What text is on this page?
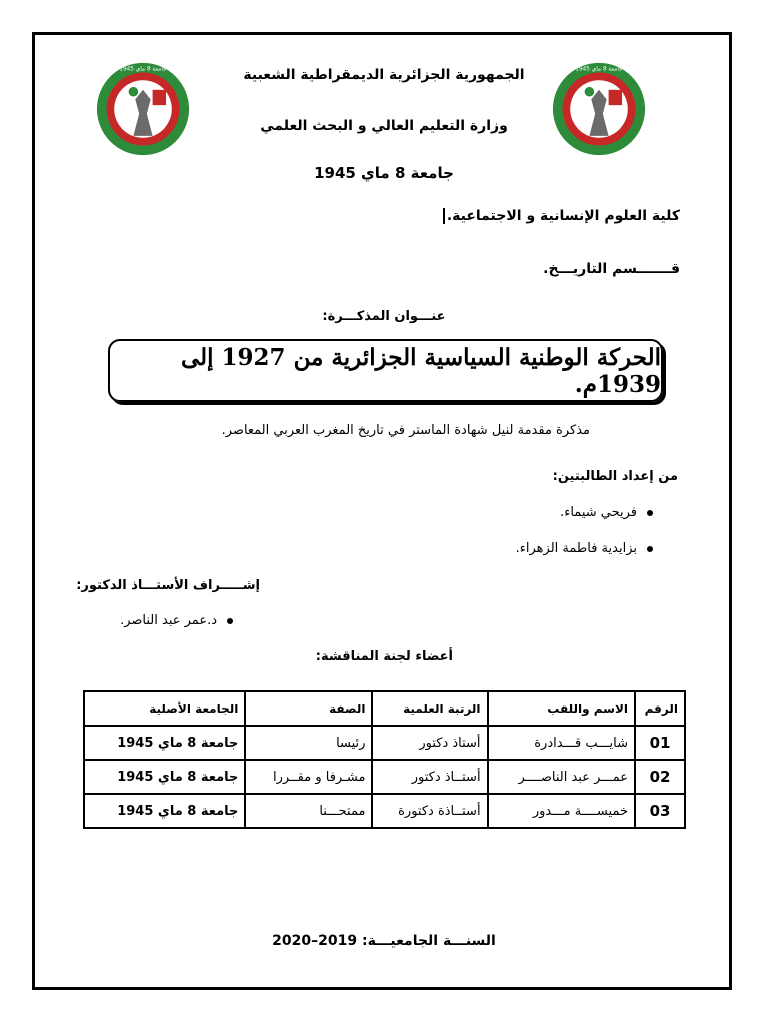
جامعة 8 ماي 1945	جامعة 8 ماي 1945
الجمهورية الجزائرية الديمقراطية الشعبية
وزارة التعليم العالي و البحث العلمي
جامعة 8 ماي 1945
كلية العلوم الإنسانية و الاجتماعية.
قـــــــسم التاريـــخ.
عنـــوان المذكـــرة:
الحركة الوطنية السياسية الجزائرية من 1927 إلى 1939م.
مذكرة مقدمة لنيل شهادة الماستر في تاريخ المغرب العربي المعاصر.
من إعداد الطالبتين:
فريحي شيماء.
بزايدية فاطمة الزهراء.
إشـــــراف الأستـــاذ الدكتور:
د.عمر عبد الناصر.
أعضاء لجنة المناقشة:
الرقم	الاسم واللقب	الرتبة العلمية	الصفة	الجامعة الأصلية
01	شايـــب قـــدادرة	أستاذ دكتور	رئيسا	جامعة 8 ماي 1945
02	عمـــر عبد الناصــــر	أستــاذ دكتور	مشـرفا و مقــررا	جامعة 8 ماي 1945
03	خميســــة مـــدور	أستــاذة دكتورة	ممتحـــنا	جامعة 8 ماي 1945
السنـــة الجامعيـــة: 2019–2020
